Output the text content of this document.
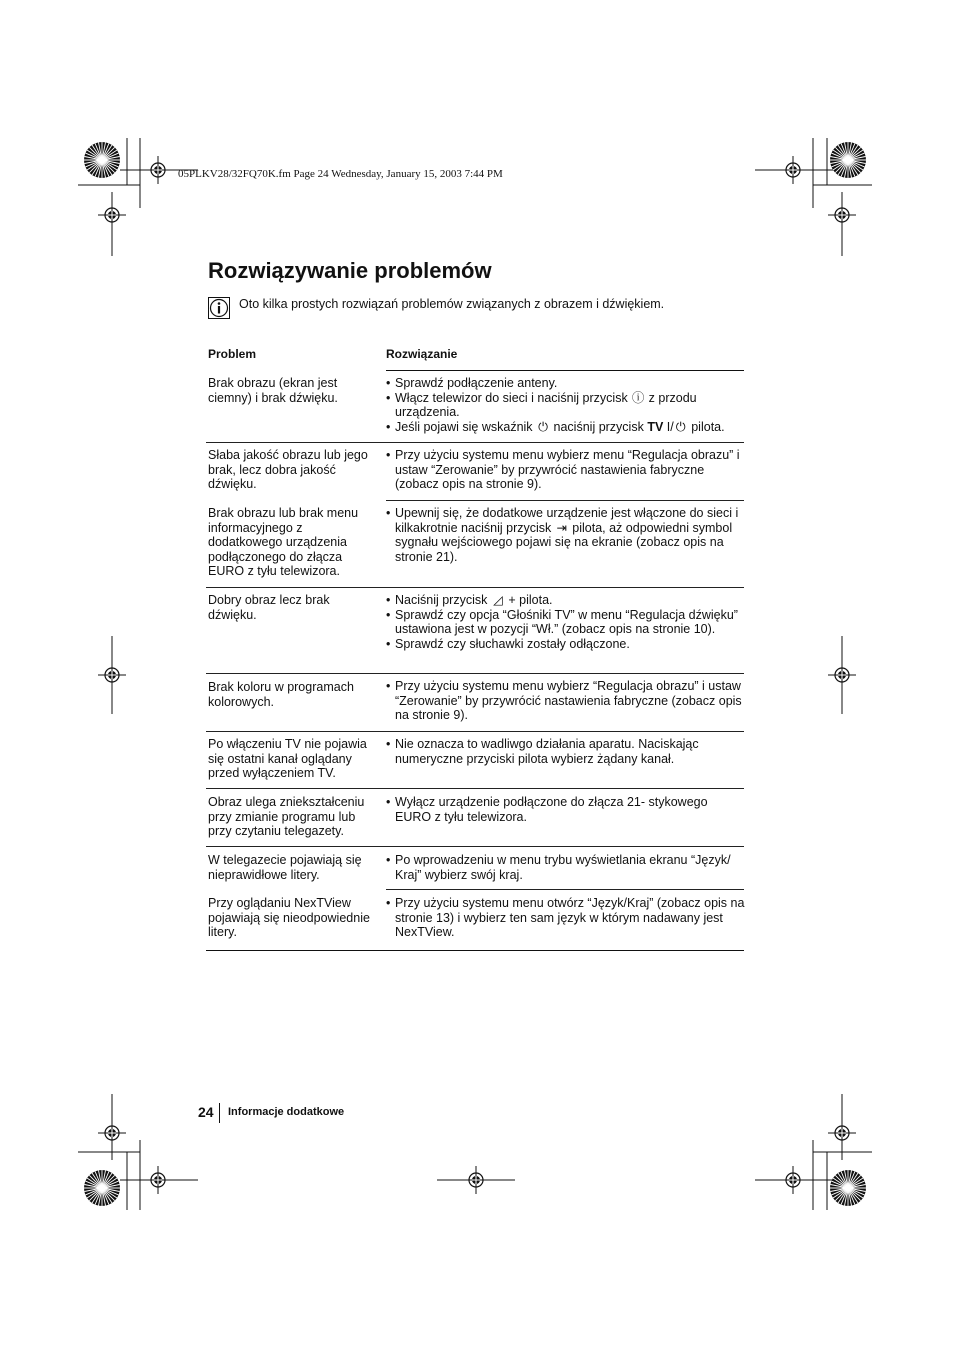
05PLKV28/32FQ70K.fm Page 24 Wednesday, January 15, 2003 7:44 PM
Rozwiązywanie problemów
Oto kilka prostych rozwiązań problemów związanych z obrazem i dźwiękiem.
Problem	Rozwiązanie
Brak obrazu (ekran jest ciemny) i brak dźwięku.
• Sprawdź podłączenie anteny.
• Włącz telewizor do sieci i naciśnij przycisk ⓘ z przodu urządzenia.
• Jeśli pojawi się wskaźnik ⏻ naciśnij przycisk TV I/ ⏻ pilota.
Słaba jakość obrazu lub jego brak, lecz dobra jakość dźwięku.
• Przy użyciu systemu menu wybierz menu “Regulacja obrazu” i ustaw “Zerowanie” by przywrócić nastawienia fabryczne (zobacz opis na stronie 9).
Brak obrazu lub brak menu informacyjnego z dodatkowego urządzenia podłączonego do złącza EURO z tyłu telewizora.
• Upewnij się, że dodatkowe urządzenie jest włączone do sieci i kilkakrotnie naciśnij przycisk ⇥ pilota, aż odpowiedni symbol sygnału wejściowego pojawi się na ekranie (zobacz opis na stronie 21).
Dobry obraz lecz brak dźwięku.
• Naciśnij przycisk ◿ + pilota.
• Sprawdź czy opcja “Głośniki TV” w menu “Regulacja dźwięku” ustawiona jest w pozycji “Wł.” (zobacz opis na stronie 10).
• Sprawdź czy słuchawki zostały odłączone.
Brak koloru w programach kolorowych.
• Przy użyciu systemu menu wybierz “Regulacja obrazu” i ustaw “Zerowanie” by przywrócić nastawienia fabryczne (zobacz opis na stronie 9).
Po włączeniu TV nie pojawia się ostatni kanał oglądany przed wyłączeniem TV.
• Nie oznacza to wadliwgo działania aparatu. Naciskając numeryczne przyciski pilota wybierz żądany kanał.
Obraz ulega zniekształceniu przy zmianie programu lub przy czytaniu telegazety.
• Wyłącz urządzenie podłączone do złącza 21- stykowego EURO z tyłu telewizora.
W telegazecie pojawiają się nieprawidłowe litery.
• Po wprowadzeniu w menu trybu wyświetlania ekranu “Język/ Kraj” wybierz swój kraj.
Przy oglądaniu NexTView pojawiają się nieodpowiednie litery.
• Przy użyciu systemu menu otwórz “Język/Kraj” (zobacz opis na stronie 13) i wybierz ten sam język w którym nadawany jest NexTView.
24 Informacje dodatkowe
